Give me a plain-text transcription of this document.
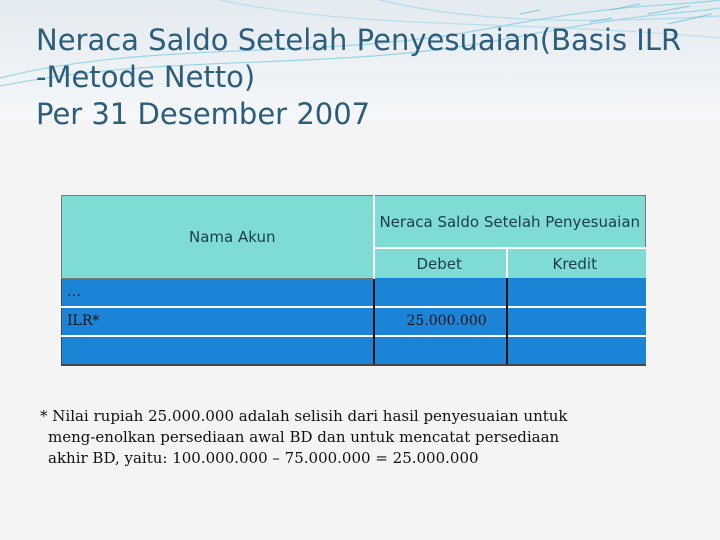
Neraca Saldo Setelah Penyesuaian(Basis ILR
-Metode Netto)
Per 31 Desember 2007
Nama Akun	Neraca Saldo Setelah Penyesuaian	
	Debet	Kredit
…		
ILR*	25.000.000	

* Nilai rupiah 25.000.000 adalah selisih dari hasil penyesuaian untuk
meng-enolkan persediaan awal BD dan untuk mencatat persediaan
akhir BD, yaitu: 100.000.000 – 75.000.000 = 25.000.000
